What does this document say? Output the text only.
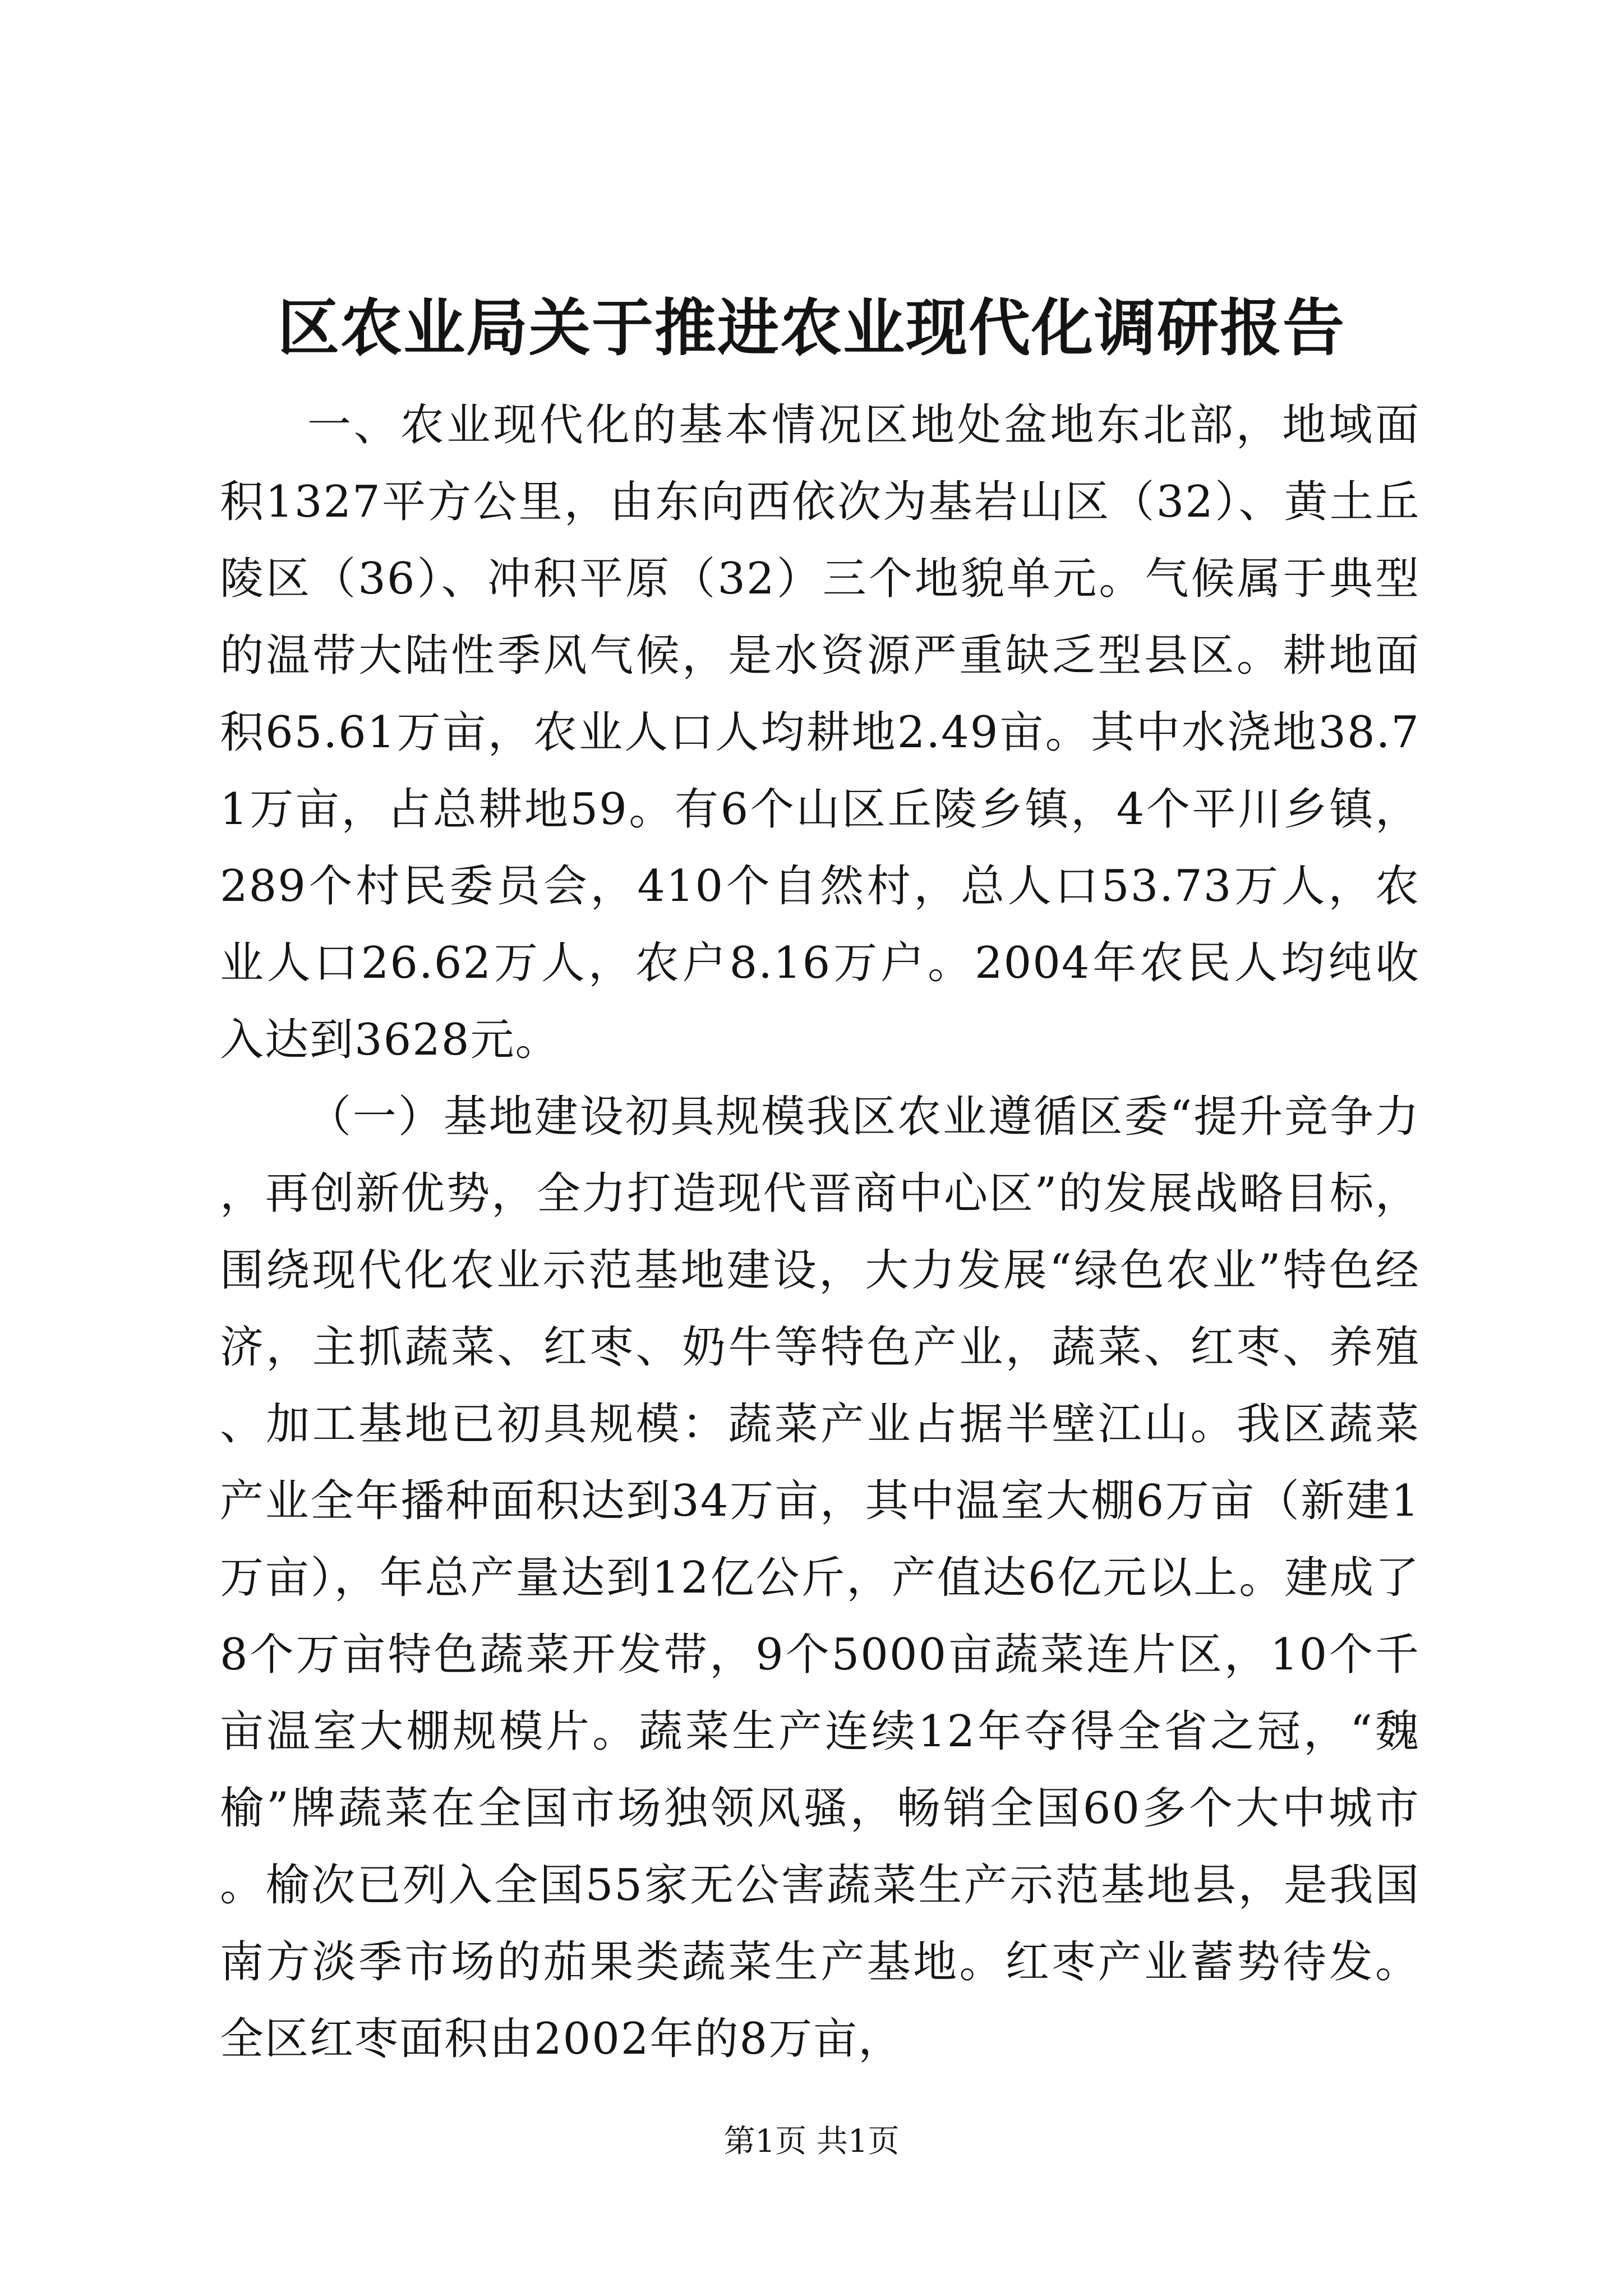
区农业局关于推进农业现代化调研报告

一、农业现代化的基本情况区地处盆地东北部，地域面积1327平方公里，由东向西依次为基岩山区（32）、黄土丘陵区（36）、冲积平原（32）三个地貌单元。气候属于典型的温带大陆性季风气候，是水资源严重缺乏型县区。耕地面积65.61万亩，农业人口人均耕地2.49亩。其中水浇地38.71万亩，占总耕地59。有6个山区丘陵乡镇，4个平川乡镇，289个村民委员会，410个自然村，总人口53.73万人，农业人口26.62万人，农户8.16万户。2004年农民人均纯收入达到3628元。

（一）基地建设初具规模我区农业遵循区委“提升竞争力，再创新优势，全力打造现代晋商中心区”的发展战略目标，围绕现代化农业示范基地建设，大力发展“绿色农业”特色经济，主抓蔬菜、红枣、奶牛等特色产业，蔬菜、红枣、养殖、加工基地已初具规模：蔬菜产业占据半壁江山。我区蔬菜产业全年播种面积达到34万亩，其中温室大棚6万亩（新建1万亩），年总产量达到12亿公斤，产值达6亿元以上。建成了8个万亩特色蔬菜开发带，9个5000亩蔬菜连片区，10个千亩温室大棚规模片。蔬菜生产连续12年夺得全省之冠，“魏榆”牌蔬菜在全国市场独领风骚，畅销全国60多个大中城市。榆次已列入全国55家无公害蔬菜生产示范基地县，是我国南方淡季市场的茄果类蔬菜生产基地。红枣产业蓄势待发。全区红枣面积由2002年的8万亩，

第1页 共1页
